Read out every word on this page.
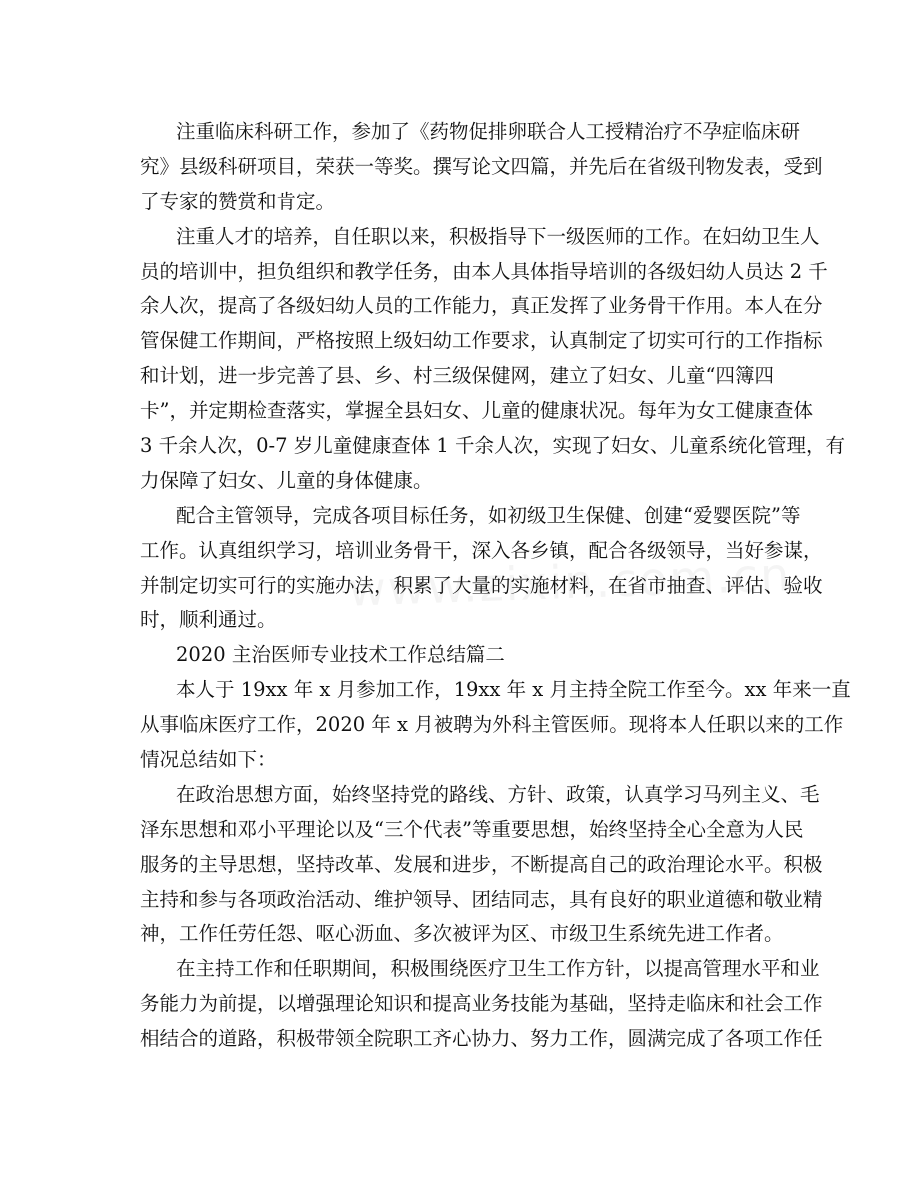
注重临床科研工作，参加了《药物促排卵联合人工授精治疗不孕症临床研
究》县级科研项目，荣获一等奖。撰写论文四篇，并先后在省级刊物发表，受到
了专家的赞赏和肯定。
注重人才的培养，自任职以来，积极指导下一级医师的工作。在妇幼卫生人
员的培训中，担负组织和教学任务，由本人具体指导培训的各级妇幼人员达 2 千
余人次，提高了各级妇幼人员的工作能力，真正发挥了业务骨干作用。本人在分
管保健工作期间，严格按照上级妇幼工作要求，认真制定了切实可行的工作指标
和计划，进一步完善了县、乡、村三级保健网，建立了妇女、儿童“四簿四
卡”，并定期检查落实，掌握全县妇女、儿童的健康状况。每年为女工健康查体
3 千余人次，0-7 岁儿童健康查体 1 千余人次，实现了妇女、儿童系统化管理，有
力保障了妇女、儿童的身体健康。
配合主管领导，完成各项目标任务，如初级卫生保健、创建“爱婴医院”等
工作。认真组织学习，培训业务骨干，深入各乡镇，配合各级领导，当好参谋，
并制定切实可行的实施办法，积累了大量的实施材料，在省市抽查、评估、验收
时，顺利通过。
2020 主治医师专业技术工作总结篇二
本人于 19xx 年 x 月参加工作，19xx 年 x 月主持全院工作至今。xx 年来一直
从事临床医疗工作，2020 年 x 月被聘为外科主管医师。现将本人任职以来的工作
情况总结如下：
在政治思想方面，始终坚持党的路线、方针、政策，认真学习马列主义、毛
泽东思想和邓小平理论以及“三个代表”等重要思想，始终坚持全心全意为人民
服务的主导思想，坚持改革、发展和进步，不断提高自己的政治理论水平。积极
主持和参与各项政治活动、维护领导、团结同志，具有良好的职业道德和敬业精
神，工作任劳任怨、呕心沥血、多次被评为区、市级卫生系统先进工作者。
在主持工作和任职期间，积极围绕医疗卫生工作方针，以提高管理水平和业
务能力为前提，以增强理论知识和提高业务技能为基础，坚持走临床和社会工作
相结合的道路，积极带领全院职工齐心协力、努力工作，圆满完成了各项工作任
